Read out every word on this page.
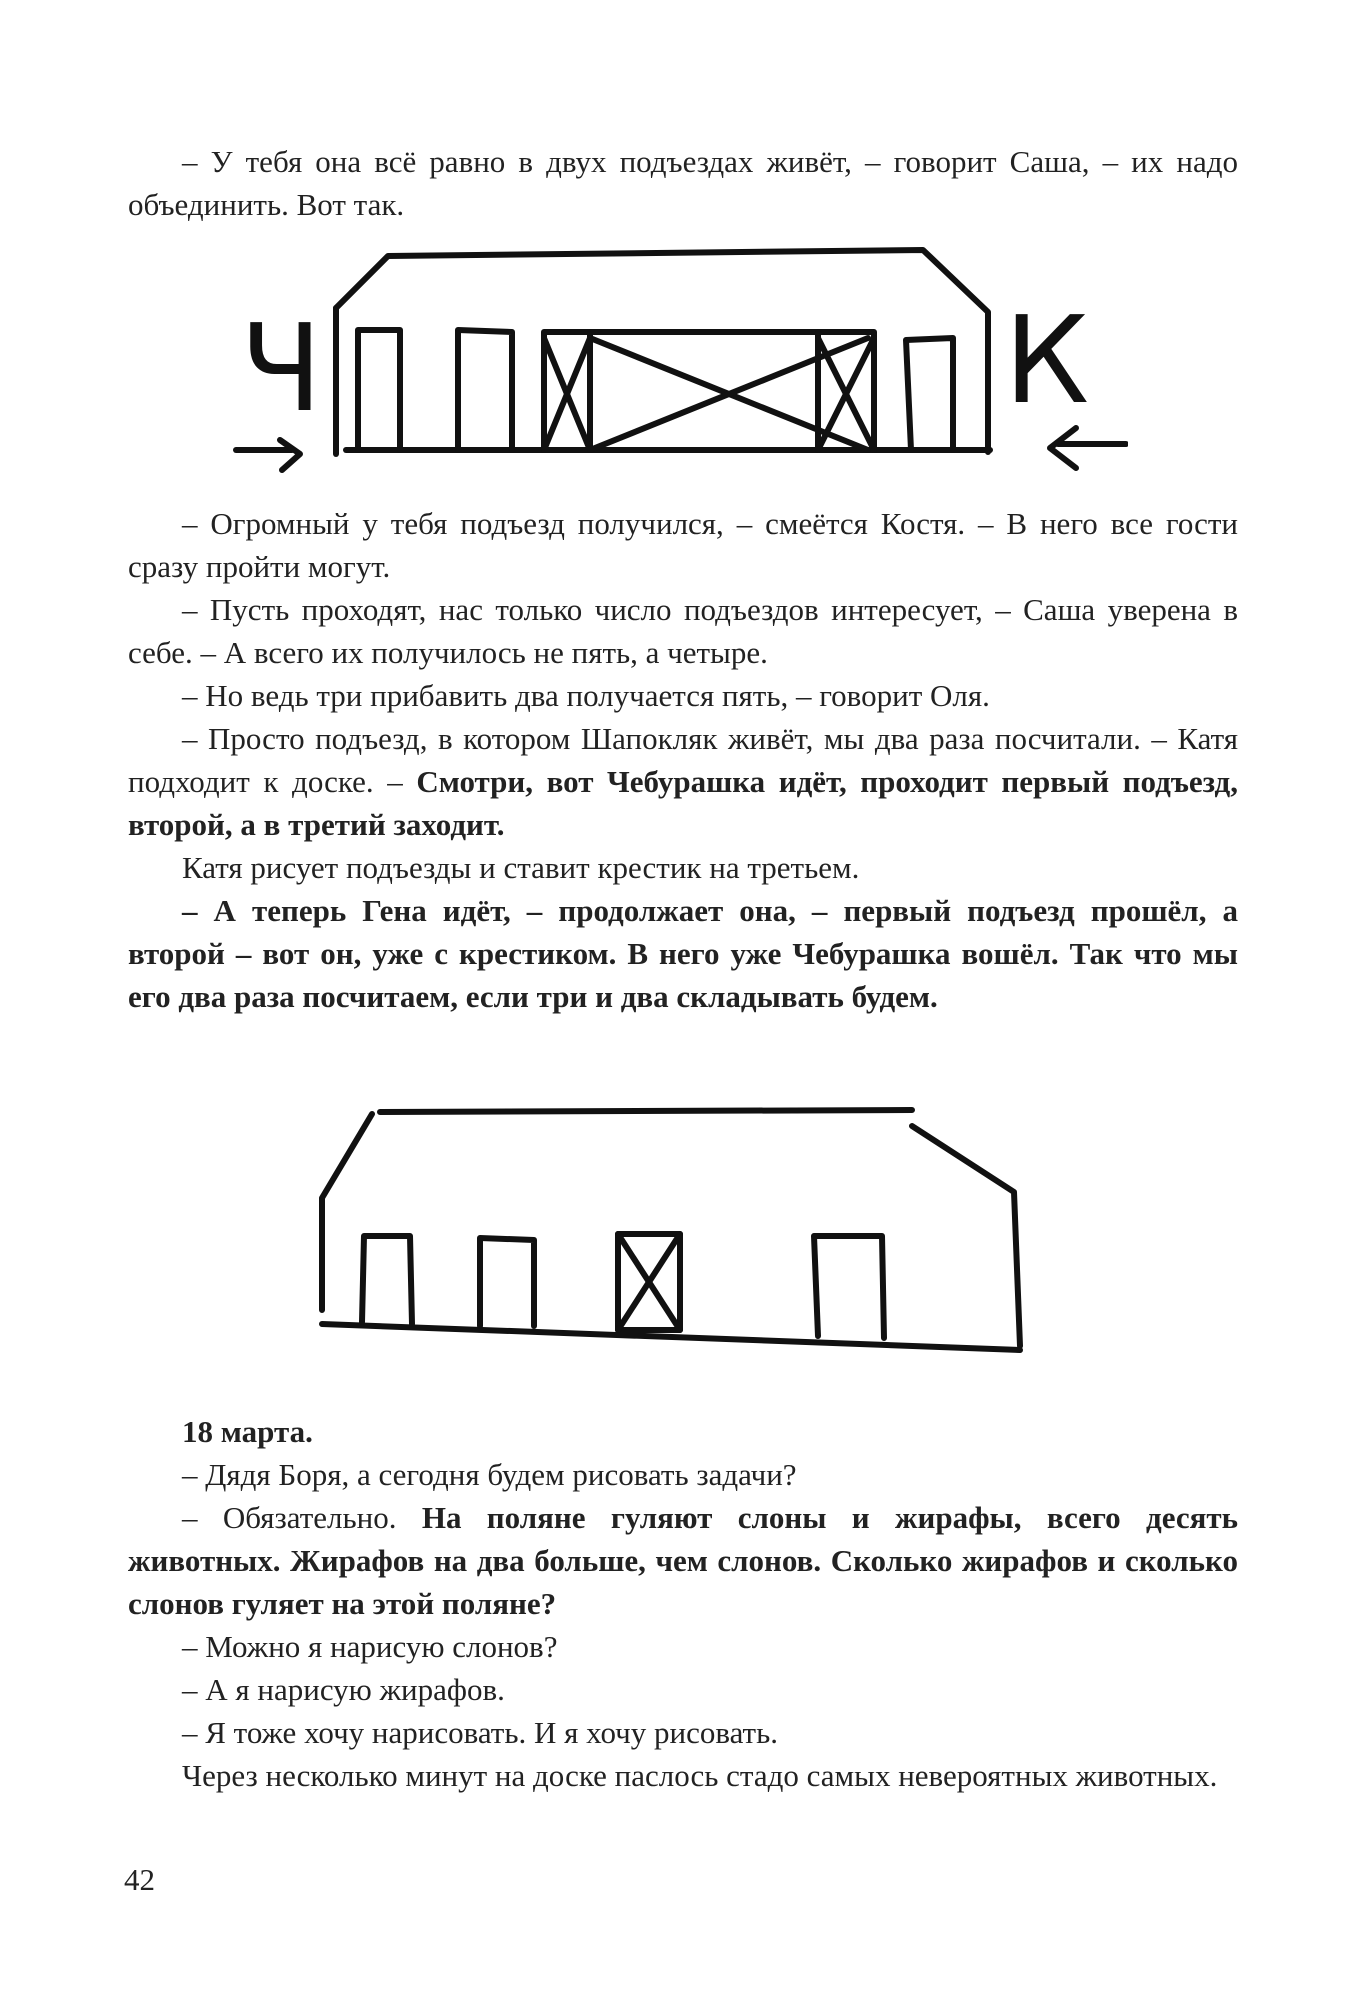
– У тебя она всё равно в двух подъездах живёт, – говорит Саша, – их надо объединить. Вот так.

Ч	К

– Огромный у тебя подъезд получился, – смеётся Костя. – В него все гости сразу пройти могут.

– Пусть проходят, нас только число подъездов интересует, – Саша уверена в себе. – А всего их получилось не пять, а четыре.

– Но ведь три прибавить два получается пять, – говорит Оля.

– Просто подъезд, в котором Шапокляк живёт, мы два раза посчитали. – Катя подходит к доске. – Смотри, вот Чебурашка идёт, проходит первый подъезд, второй, а в третий заходит.

Катя рисует подъезды и ставит крестик на третьем.

– А теперь Гена идёт, – продолжает она, – первый подъезд прошёл, а второй – вот он, уже с крестиком. В него уже Чебурашка вошёл. Так что мы его два раза посчитаем, если три и два складывать будем.

18 марта.

– Дядя Боря, а сегодня будем рисовать задачи?

– Обязательно. На поляне гуляют слоны и жирафы, всего десять животных. Жирафов на два больше, чем слонов. Сколько жирафов и сколько слонов гуляет на этой поляне?

– Можно я нарисую слонов?

– А я нарисую жирафов.

– Я тоже хочу нарисовать. И я хочу рисовать.

Через несколько минут на доске паслось стадо самых невероятных животных.

42
